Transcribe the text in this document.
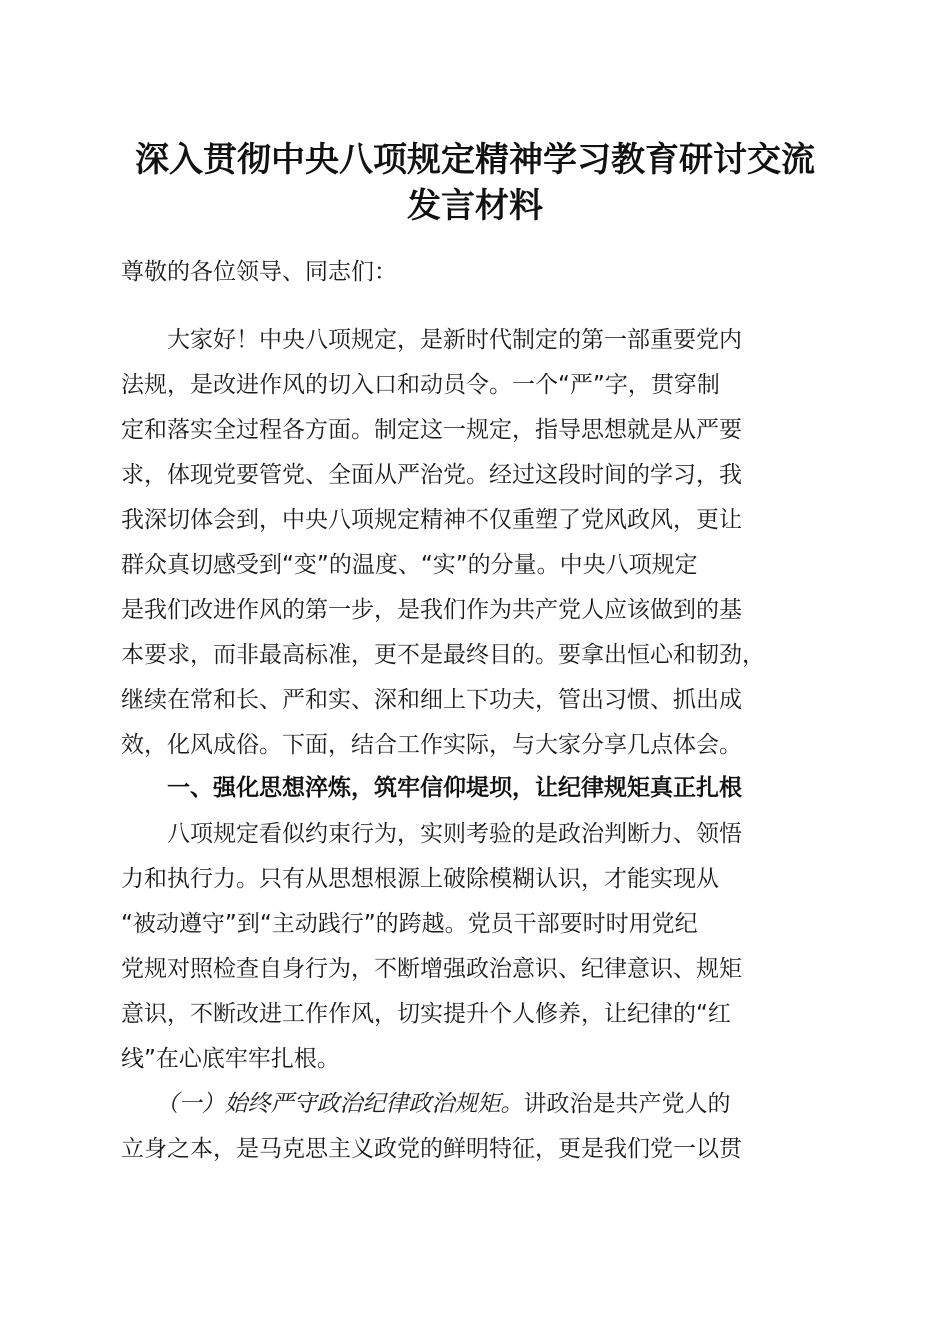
深入贯彻中央八项规定精神学习教育研讨交流
发言材料
尊敬的各位领导、同志们：
　　大家好！中央八项规定，是新时代制定的第一部重要党内
法规，是改进作风的切入口和动员令。一个“严”字，贯穿制
定和落实全过程各方面。制定这一规定，指导思想就是从严要
求，体现党要管党、全面从严治党。经过这段时间的学习，我
我深切体会到，中央八项规定精神不仅重塑了党风政风，更让
群众真切感受到“变”的温度、“实”的分量。中央八项规定
是我们改进作风的第一步，是我们作为共产党人应该做到的基
本要求，而非最高标准，更不是最终目的。要拿出恒心和韧劲，
继续在常和长、严和实、深和细上下功夫，管出习惯、抓出成
效，化风成俗。下面，结合工作实际，与大家分享几点体会。
　　一、强化思想淬炼，筑牢信仰堤坝，让纪律规矩真正扎根
　　八项规定看似约束行为，实则考验的是政治判断力、领悟
力和执行力。只有从思想根源上破除模糊认识，才能实现从
“被动遵守”到“主动践行”的跨越。党员干部要时时用党纪
党规对照检查自身行为，不断增强政治意识、纪律意识、规矩
意识，不断改进工作作风，切实提升个人修养，让纪律的“红
线”在心底牢牢扎根。
　　（一）始终严守政治纪律政治规矩。讲政治是共产党人的
立身之本，是马克思主义政党的鲜明特征，更是我们党一以贯
